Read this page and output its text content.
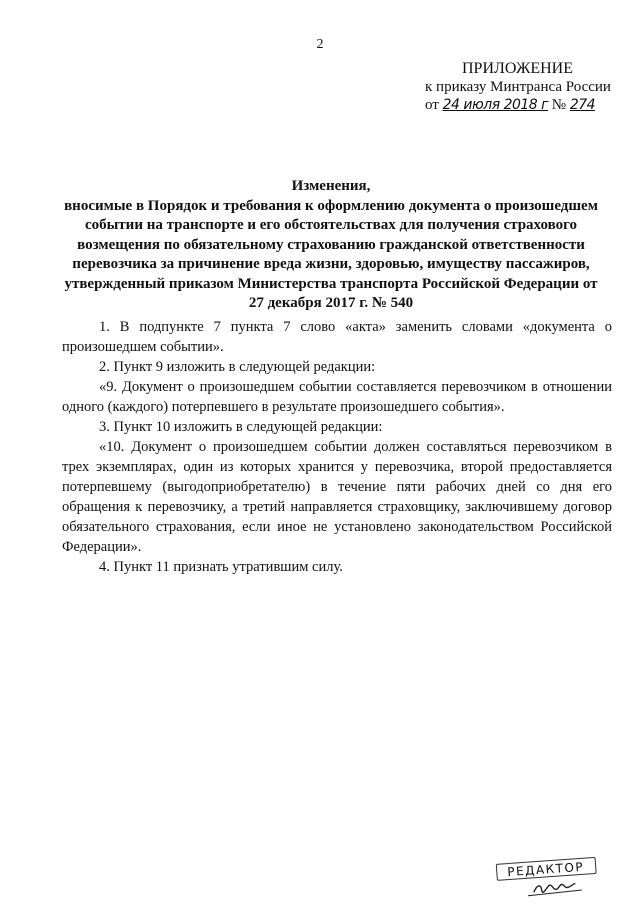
2
ПРИЛОЖЕНИЕ
к приказу Минтранса России
от 24 июля 2018 г № 274
Изменения,
вносимые в Порядок и требования к оформлению документа о произошедшем
событии на транспорте и его обстоятельствах для получения страхового
возмещения по обязательному страхованию гражданской ответственности
перевозчика за причинение вреда жизни, здоровью, имуществу пассажиров,
утвержденный приказом Министерства транспорта Российской Федерации от
27 декабря 2017 г. № 540

1. В подпункте 7 пункта 7 слово «акта» заменить словами «документа о произошедшем событии».

2. Пункт 9 изложить в следующей редакции:

«9. Документ о произошедшем событии составляется перевозчиком в отношении одного (каждого) потерпевшего в результате произошедшего события».

3. Пункт 10 изложить в следующей редакции:

«10. Документ о произошедшем событии должен составляться перевозчиком в трех экземплярах, один из которых хранится у перевозчика, второй предоставляется потерпевшему (выгодоприобретателю) в течение пяти рабочих дней со дня его обращения к перевозчику, а третий направляется страховщику, заключившему договор обязательного страхования, если иное не установлено законодательством Российской Федерации».

4. Пункт 11 признать утратившим силу.

РЕДАКТОР
